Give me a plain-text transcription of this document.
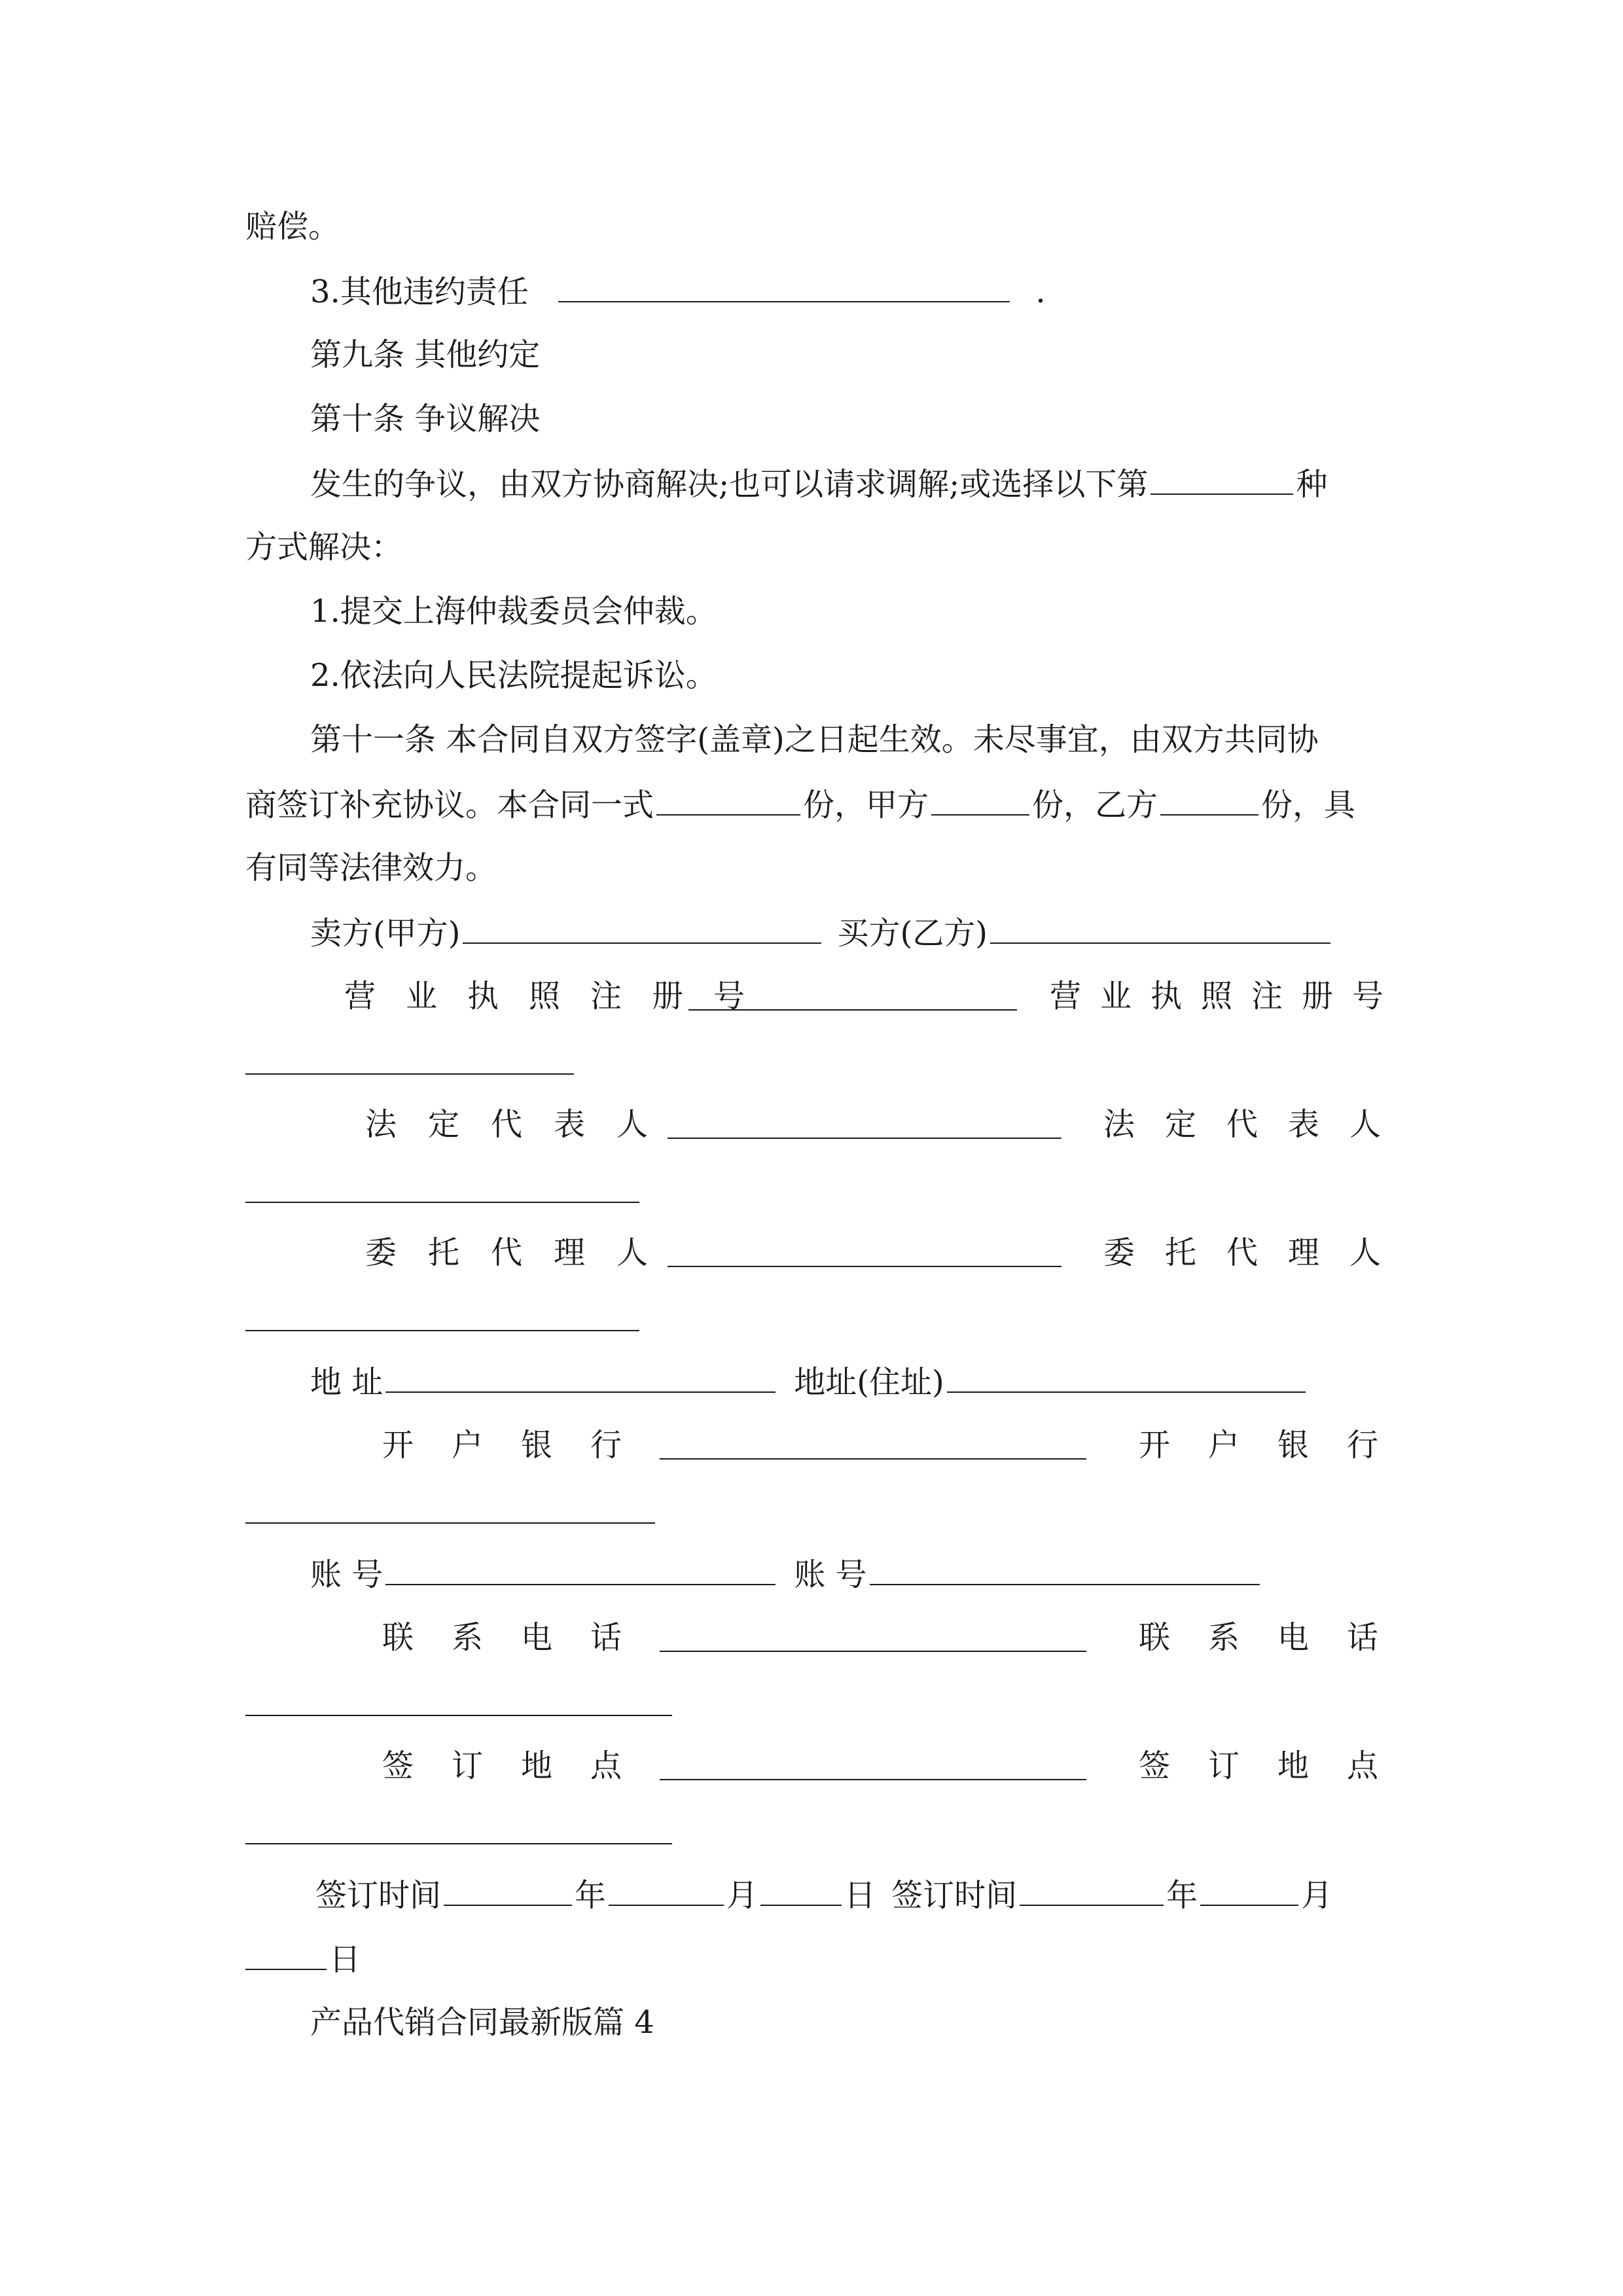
赔偿。
3.其他违约责任	.
第九条 其他约定
第十条 争议解决
发生的争议，由双方协商解决;也可以请求调解;或选择以下第	种
方式解决：
1.提交上海仲裁委员会仲裁。
2.依法向人民法院提起诉讼。
第十一条 本合同自双方签字(盖章)之日起生效。未尽事宜，由双方共同协
商签订补充协议。本合同一式	份，甲方	份，乙方	份，具
有同等法律效力。
卖方(甲方)	买方(乙方)
营业执照注册号	营业执照注册号
法定代表人	法定代表人
委托代理人	委托代理人
地 址	地址(住址)
开户银行	开户银行
账 号	账 号
联系电话	联系电话
签订地点	签订地点
签订时间	年	月	日 签订时间	年	月
日
产品代销合同最新版篇 4
